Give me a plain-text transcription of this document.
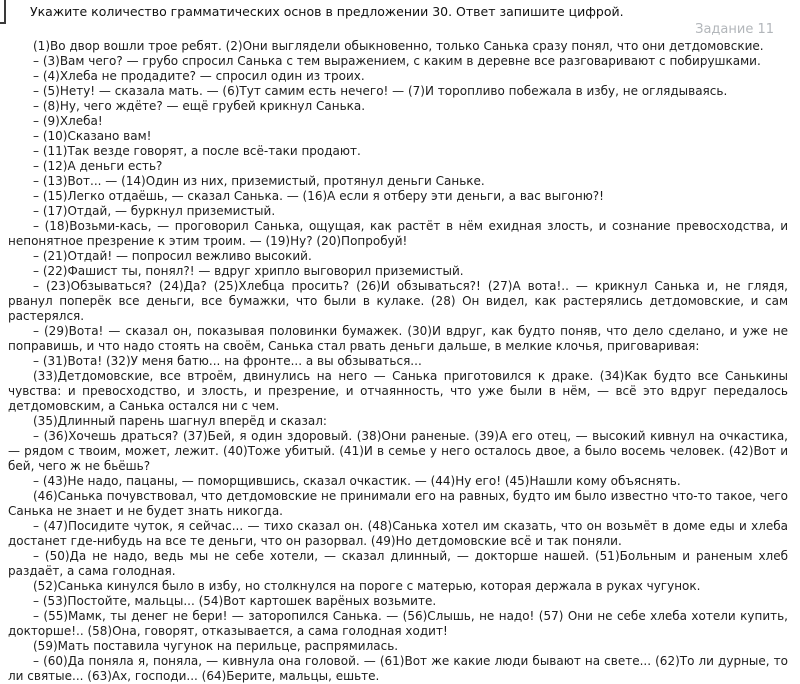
Укажите количество грамматических основ в предложении 30. Ответ запишите цифрой.
Задание 11

(1)Во двор вошли трое ребят. (2)Они выглядели обыкновенно, только Санька сразу понял, что они детдомовские.

– (3)Вам чего? — грубо спросил Санька с тем выражением, с каким в деревне все разговаривают с побирушками.

– (4)Хлеба не продадите? — спросил один из троих.

– (5)Нету! — сказала мать. — (6)Тут самим есть нечего! — (7)И торопливо побежала в избу, не оглядываясь.

– (8)Ну, чего ждёте? — ещё грубей крикнул Санька.

– (9)Хлеба!

– (10)Сказано вам!

– (11)Так везде говорят, а после всё-таки продают.

– (12)А деньги есть?

– (13)Вот... — (14)Один из них, приземистый, протянул деньги Саньке.

– (15)Легко отдаёшь, — сказал Санька. — (16)А если я отберу эти деньги, а вас выгоню?!

– (17)Отдай, — буркнул приземистый.

– (18)Возьми-кась, — проговорил Санька, ощущая, как растёт в нём ехидная злость, и сознание превосходства, и непонятное презрение к этим троим. — (19)Ну? (20)Попробуй!

– (21)Отдай! — попросил вежливо высокий.

– (22)Фашист ты, понял?! — вдруг хрипло выговорил приземистый.

– (23)Обзываться? (24)Да? (25)Хлебца просить? (26)И обзываться?! (27)А вота!.. — крикнул Санька и, не глядя, рванул поперёк все деньги, все бумажки, что были в кулаке. (28) Он видел, как растерялись детдомовские, и сам растерялся.

– (29)Вота! — сказал он, показывая половинки бумажек. (30)И вдруг, как будто поняв, что дело сделано, и уже не поправишь, и что надо стоять на своём, Санька стал рвать деньги дальше, в мелкие клочья, приговаривая:

– (31)Вота! (32)У меня батю... на фронте... а вы обзываться...

(33)Детдомовские, все втроём, двинулись на него — Санька приготовился к драке. (34)Как будто все Санькины чувства: и превосходство, и злость, и презрение, и отчаянность, что уже были в нём, — всё это вдруг передалось детдомовским, а Санька остался ни с чем.

(35)Длинный парень шагнул вперёд и сказал:

– (36)Хочешь драться? (37)Бей, я один здоровый. (38)Они раненые. (39)А его отец, — высокий кивнул на очкастика, — рядом с твоим, может, лежит. (40)Тоже убитый. (41)И в семье у него осталось двое, а было восемь человек. (42)Вот и бей, чего ж не бьёшь?

– (43)Не надо, пацаны, — поморщившись, сказал очкастик. — (44)Ну его! (45)Нашли кому объяснять.

(46)Санька почувствовал, что детдомовские не принимали его на равных, будто им было известно что-то такое, чего Санька не знает и не будет знать никогда.

– (47)Посидите чуток, я сейчас... — тихо сказал он. (48)Санька хотел им сказать, что он возьмёт в доме еды и хлеба достанет где-нибудь на все те деньги, что он разорвал. (49)Но детдомовские всё и так поняли.

– (50)Да не надо, ведь мы не себе хотели, — сказал длинный, — докторше нашей. (51)Больным и раненым хлеб раздаёт, а сама голодная.

(52)Санька кинулся было в избу, но столкнулся на пороге с матерью, которая держала в руках чугунок.

– (53)Постойте, мальцы... (54)Вот картошек варёных возьмите.

– (55)Мамк, ты денег не бери! — заторопился Санька. — (56)Слышь, не надо! (57) Они не себе хлеба хотели купить, докторше!.. (58)Она, говорят, отказывается, а сама голодная ходит!

(59)Мать поставила чугунок на перильце, распрямилась.

– (60)Да поняла я, поняла, — кивнула она головой. — (61)Вот же какие люди бывают на свете... (62)То ли дурные, то ли святые... (63)Ах, господи... (64)Берите, мальцы, ешьте.
